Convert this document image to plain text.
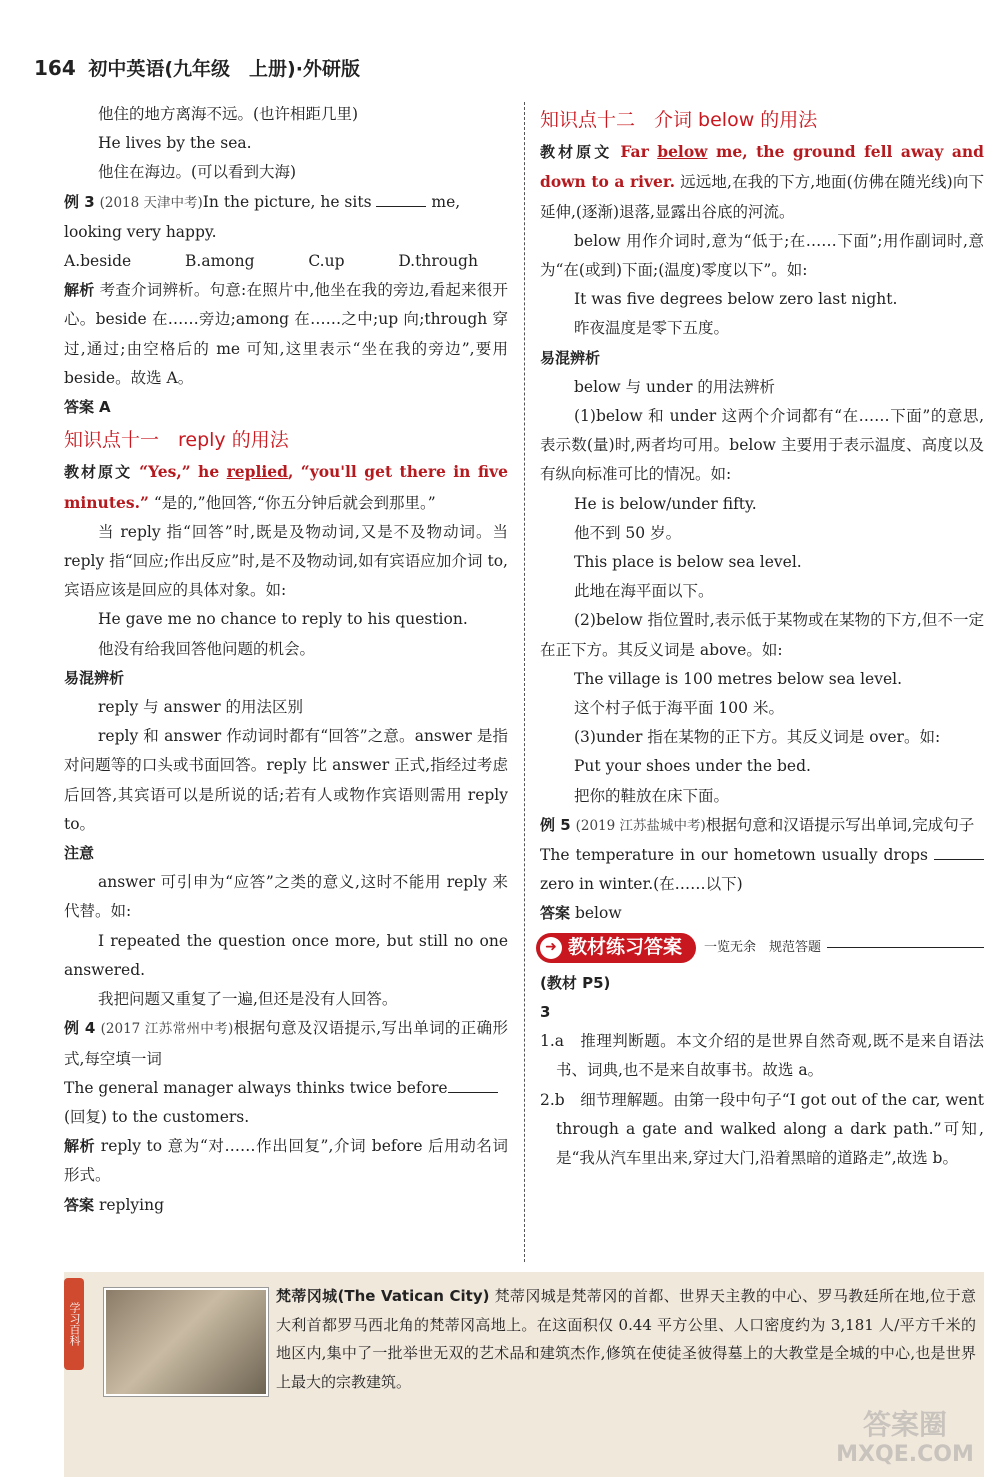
164 初中英语(九年级　上册)·外研版

他住的地方离海不远。(也许相距几里)

He lives by the sea.

他住在海边。(可以看到大海)

例 3 (2018 天津中考)In the picture, he sits	me, looking very happy.

A.beside	B.among	C.up	D.through

解析 考查介词辨析。句意:在照片中,他坐在我的旁边,看起来很开心。beside 在……旁边;among 在……之中;up 向;through 穿过,通过;由空格后的 me 可知,这里表示“坐在我的旁边”,要用 beside。故选 A。

答案 A

知识点十一　reply 的用法

教材原文 “Yes,” he replied, “you'll get there in five minutes.” “是的,”他回答,“你五分钟后就会到那里。”

当 reply 指“回答”时,既是及物动词,又是不及物动词。当 reply 指“回应;作出反应”时,是不及物动词,如有宾语应加介词 to,宾语应该是回应的具体对象。如:

He gave me no chance to reply to his question.

他没有给我回答他问题的机会。

易混辨析

reply 与 answer 的用法区别

reply 和 answer 作动词时都有“回答”之意。answer 是指对问题等的口头或书面回答。reply 比 answer 正式,指经过考虑后回答,其宾语可以是所说的话;若有人或物作宾语则需用 reply to。

注意

answer 可引申为“应答”之类的意义,这时不能用 reply 来代替。如:

I repeated the question once more, but still no one answered.

我把问题又重复了一遍,但还是没有人回答。

例 4 (2017 江苏常州中考)根据句意及汉语提示,写出单词的正确形式,每空填一词

The general manager always thinks twice before(回复) to the customers.

解析 reply to 意为“对……作出回复”,介词 before 后用动名词形式。

答案 replying

知识点十二　介词 below 的用法

教材原文 Far below me, the ground fell away and down to a river. 远远地,在我的下方,地面(仿佛在随光线)向下延伸,(逐渐)退落,显露出谷底的河流。

below 用作介词时,意为“低于;在……下面”;用作副词时,意为“在(或到)下面;(温度)零度以下”。如:

It was five degrees below zero last night.

昨夜温度是零下五度。

易混辨析

below 与 under 的用法辨析

(1)below 和 under 这两个介词都有“在……下面”的意思,表示数(量)时,两者均可用。below 主要用于表示温度、高度以及有纵向标准可比的情况。如:

He is below/under fifty.

他不到 50 岁。

This place is below sea level.

此地在海平面以下。

(2)below 指位置时,表示低于某物或在某物的下方,但不一定在正下方。其反义词是 above。如:

The village is 100 metres below sea level.

这个村子低于海平面 100 米。

(3)under 指在某物的正下方。其反义词是 over。如:

Put your shoes under the bed.

把你的鞋放在床下面。

例 5 (2019 江苏盐城中考)根据句意和汉语提示写出单词,完成句子

The temperature in our hometown usually drops  zero in winter.(在……以下)

答案 below

➜ 教材练习答案 一览无余　规范答题

(教材 P5)

3

1.a　推理判断题。本文介绍的是世界自然奇观,既不是来自语法书、词典,也不是来自故事书。故选 a。

2.b　细节理解题。由第一段中句子“I got out of the car, went through a gate and walked along a dark path.”可知,是“我从汽车里出来,穿过大门,沿着黑暗的道路走”,故选 b。

学习百科
梵蒂冈城(The Vatican City) 梵蒂冈城是梵蒂冈的首都、世界天主教的中心、罗马教廷所在地,位于意大利首都罗马西北角的梵蒂冈高地上。在这面积仅 0.44 平方公里、人口密度约为 3,181 人/平方千米的地区内,集中了一批举世无双的艺术品和建筑杰作,修筑在使徒圣彼得墓上的大教堂是全城的中心,也是世界上最大的宗教建筑。
答案圈
MXQE.COM
